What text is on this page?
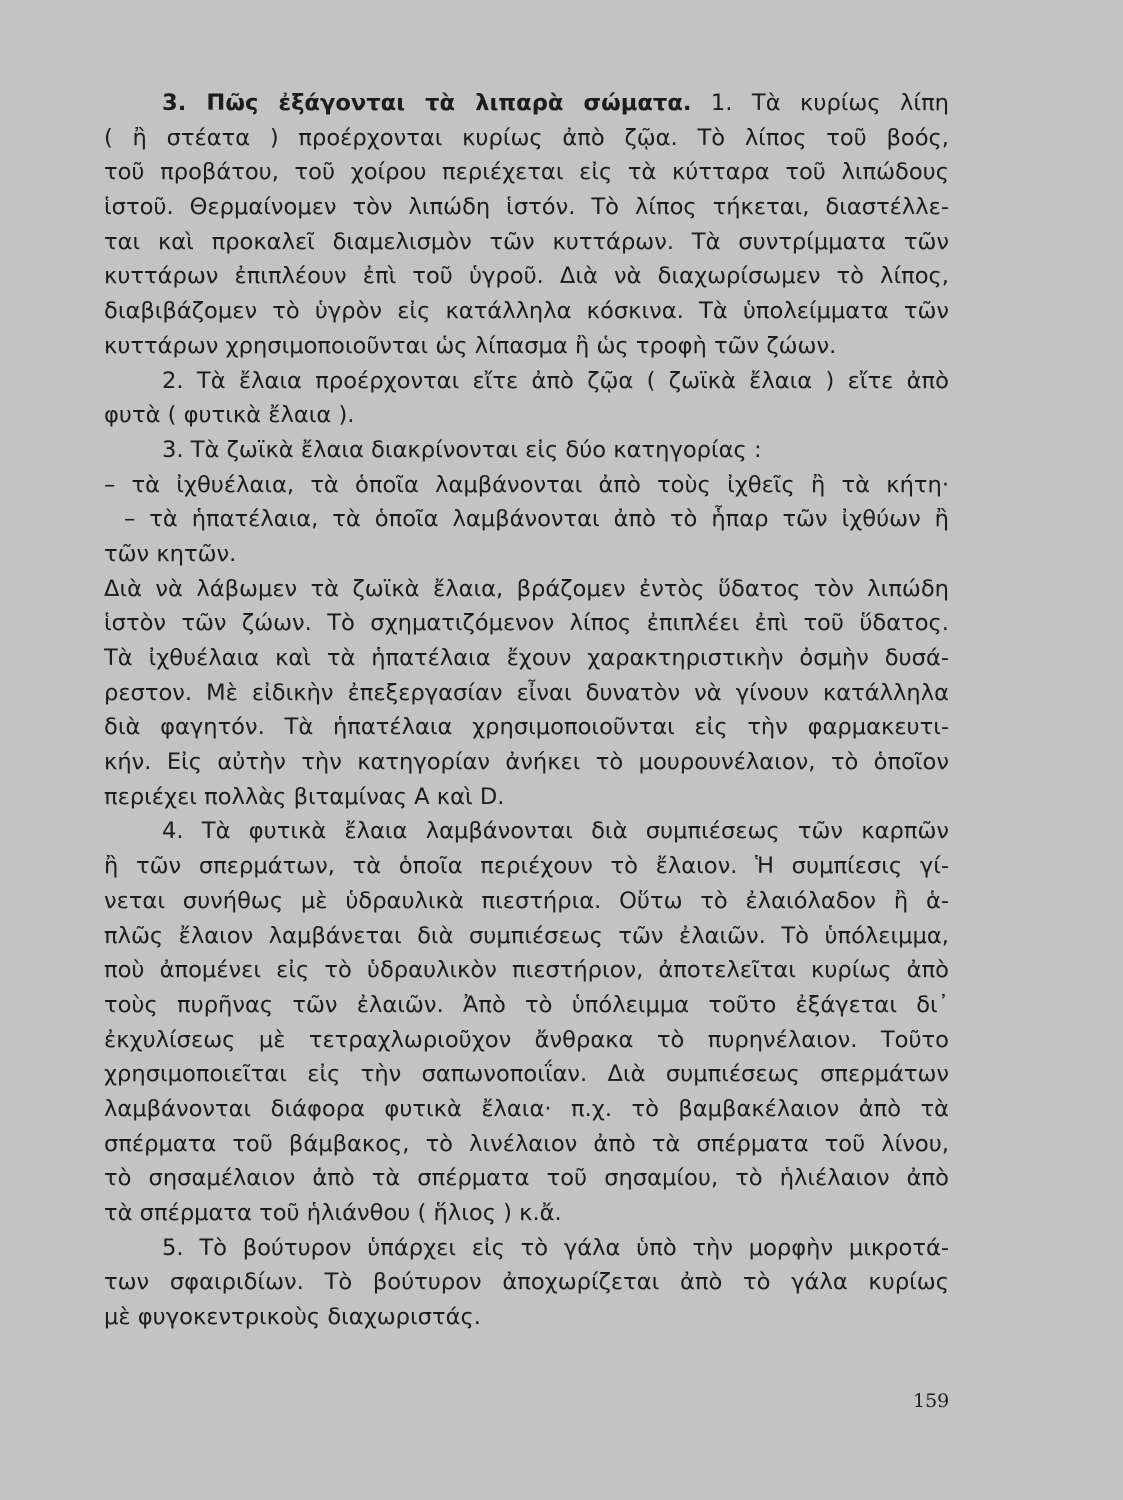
3. Πῶς ἐξάγονται τὰ λιπαρὰ σώματα. 1. Τὰ κυρίως λίπη
( ἢ στέατα ) προέρχονται κυρίως ἀπὸ ζῷα. Τὸ λίπος τοῦ βοός,
τοῦ προβάτου, τοῦ χοίρου περιέχεται εἰς τὰ κύτταρα τοῦ λιπώδους
ἱστοῦ. Θερμαίνομεν τὸν λιπώδη ἱστόν. Τὸ λίπος τήκεται, διαστέλλε-
ται καὶ προκαλεῖ διαμελισμὸν τῶν κυττάρων. Τὰ συντρίμματα τῶν
κυττάρων ἐπιπλέουν ἐπὶ τοῦ ὑγροῦ. Διὰ νὰ διαχωρίσωμεν τὸ λίπος,
διαβιβάζομεν τὸ ὑγρὸν εἰς κατάλληλα κόσκινα. Τὰ ὑπολείμματα τῶν
κυττάρων χρησιμοποιοῦνται ὡς λίπασμα ἢ ὡς τροφὴ τῶν ζώων.
2. Τὰ ἔλαια προέρχονται εἴτε ἀπὸ ζῷα ( ζωϊκὰ ἔλαια ) εἴτε ἀπὸ
φυτὰ ( φυτικὰ ἔλαια ).
3. Τὰ ζωϊκὰ ἔλαια διακρίνονται εἰς δύο κατηγορίας :
– τὰ ἰχθυέλαια, τὰ ὁποῖα λαμβάνονται ἀπὸ τοὺς ἰχθεῖς ἢ τὰ κήτη·
– τὰ ἡπατέλαια, τὰ ὁποῖα λαμβάνονται ἀπὸ τὸ ἧπαρ τῶν ἰχθύων ἢ
τῶν κητῶν.
Διὰ νὰ λάβωμεν τὰ ζωϊκὰ ἔλαια, βράζομεν ἐντὸς ὕδατος τὸν λιπώδη
ἱστὸν τῶν ζώων. Τὸ σχηματιζόμενον λίπος ἐπιπλέει ἐπὶ τοῦ ὕδατος.
Τὰ ἰχθυέλαια καὶ τὰ ἡπατέλαια ἔχουν χαρακτηριστικὴν ὀσμὴν δυσά-
ρεστον. Μὲ εἰδικὴν ἐπεξεργασίαν εἶναι δυνατὸν νὰ γίνουν κατάλληλα
διὰ φαγητόν. Τὰ ἡπατέλαια χρησιμοποιοῦνται εἰς τὴν φαρμακευτι-
κήν. Εἰς αὐτὴν τὴν κατηγορίαν ἀνήκει τὸ μουρουνέλαιον, τὸ ὁποῖον
περιέχει πολλὰς βιταμίνας A καὶ D.
4. Τὰ φυτικὰ ἔλαια λαμβάνονται διὰ συμπιέσεως τῶν καρπῶν
ἢ τῶν σπερμάτων, τὰ ὁποῖα περιέχουν τὸ ἔλαιον. Ἡ συμπίεσις γί-
νεται συνήθως μὲ ὑδραυλικὰ πιεστήρια. Οὕτω τὸ ἐλαιόλαδον ἢ ἁ-
πλῶς ἔλαιον λαμβάνεται διὰ συμπιέσεως τῶν ἐλαιῶν. Τὸ ὑπόλειμμα,
ποὺ ἀπομένει εἰς τὸ ὑδραυλικὸν πιεστήριον, ἀποτελεῖται κυρίως ἀπὸ
τοὺς πυρῆνας τῶν ἐλαιῶν. Ἀπὸ τὸ ὑπόλειμμα τοῦτο ἐξάγεται δι᾽
ἐκχυλίσεως μὲ τετραχλωριοῦχον ἄνθρακα τὸ πυρηνέλαιον. Τοῦτο
χρησιμοποιεῖται εἰς τὴν σαπωνοποιΐαν. Διὰ συμπιέσεως σπερμάτων
λαμβάνονται διάφορα φυτικὰ ἔλαια· π.χ. τὸ βαμβακέλαιον ἀπὸ τὰ
σπέρματα τοῦ βάμβακος, τὸ λινέλαιον ἀπὸ τὰ σπέρματα τοῦ λίνου,
τὸ σησαμέλαιον ἀπὸ τὰ σπέρματα τοῦ σησαμίου, τὸ ἡλιέλαιον ἀπὸ
τὰ σπέρματα τοῦ ἡλιάνθου ( ἥλιος ) κ.ἄ.
5. Τὸ βούτυρον ὑπάρχει εἰς τὸ γάλα ὑπὸ τὴν μορφὴν μικροτά-
των σφαιριδίων. Τὸ βούτυρον ἀποχωρίζεται ἀπὸ τὸ γάλα κυρίως
μὲ φυγοκεντρικοὺς διαχωριστάς.
159
